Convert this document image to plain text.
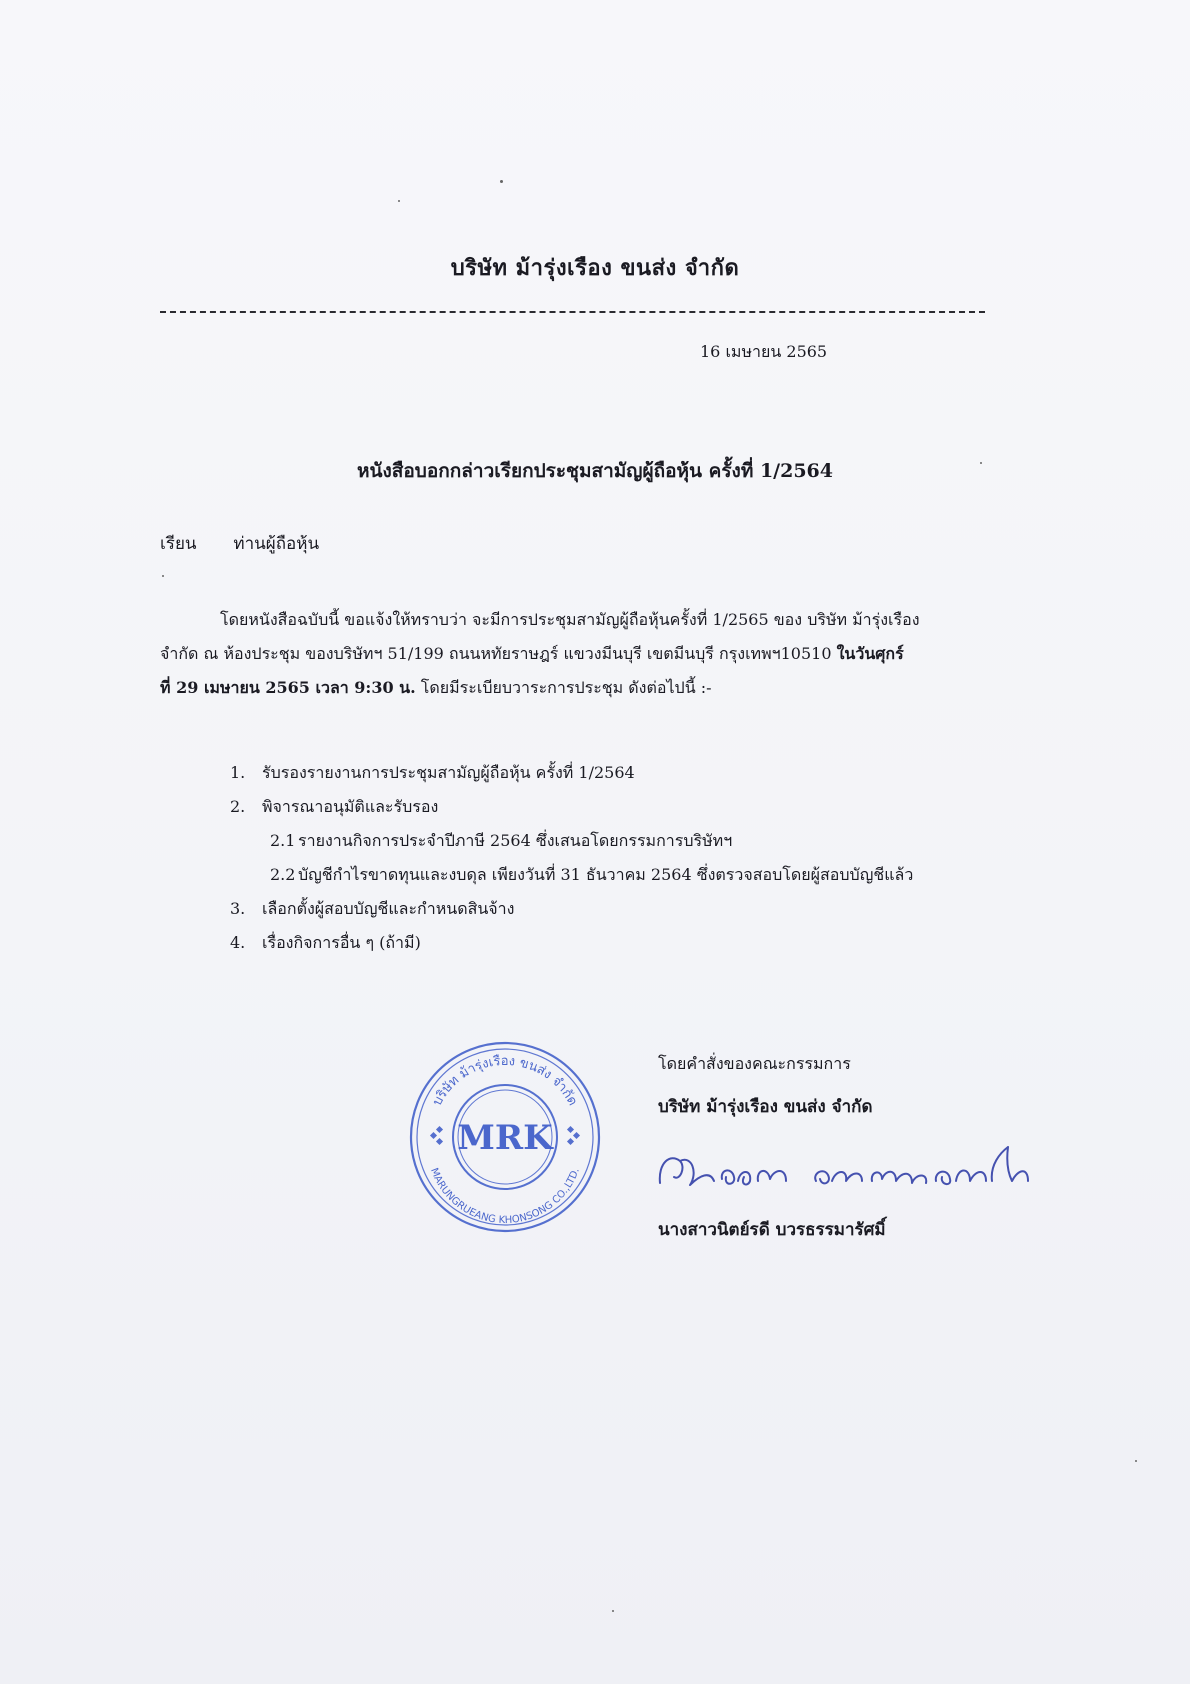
บริษัท ม้ารุ่งเรือง ขนส่ง จำกัด
16 เมษายน 2565
หนังสือบอกกล่าวเรียกประชุมสามัญผู้ถือหุ้น ครั้งที่ 1/2564
เรียน ท่านผู้ถือหุ้น
โดยหนังสือฉบับนี้ ขอแจ้งให้ทราบว่า จะมีการประชุมสามัญผู้ถือหุ้นครั้งที่ 1/2565 ของ บริษัท ม้ารุ่งเรือง
จำกัด ณ ห้องประชุม ของบริษัทฯ 51/199 ถนนหทัยราษฎร์ แขวงมีนบุรี เขตมีนบุรี กรุงเทพฯ10510 ในวันศุกร์
ที่ 29 เมษายน 2565 เวลา 9:30 น. โดยมีระเบียบวาระการประชุม ดังต่อไปนี้ :-
1. รับรองรายงานการประชุมสามัญผู้ถือหุ้น ครั้งที่ 1/2564
2. พิจารณาอนุมัติและรับรอง
2.1 รายงานกิจการประจำปีภาษี 2564 ซึ่งเสนอโดยกรรมการบริษัทฯ
2.2 บัญชีกำไรขาดทุนและงบดุล เพียงวันที่ 31 ธันวาคม 2564 ซึ่งตรวจสอบโดยผู้สอบบัญชีแล้ว
3. เลือกตั้งผู้สอบบัญชีและกำหนดสินจ้าง
4. เรื่องกิจการอื่น ๆ (ถ้ามี)
บริษัท ม้ารุ่งเรือง ขนส่ง จำกัด
MARUNGRUEANG KHONSONG CO.,LTD.
MRK
โดยคำสั่งของคณะกรรมการ
บริษัท ม้ารุ่งเรือง ขนส่ง จำกัด
นางสาวนิตย์รดี บวรธรรมารัศมิ์
